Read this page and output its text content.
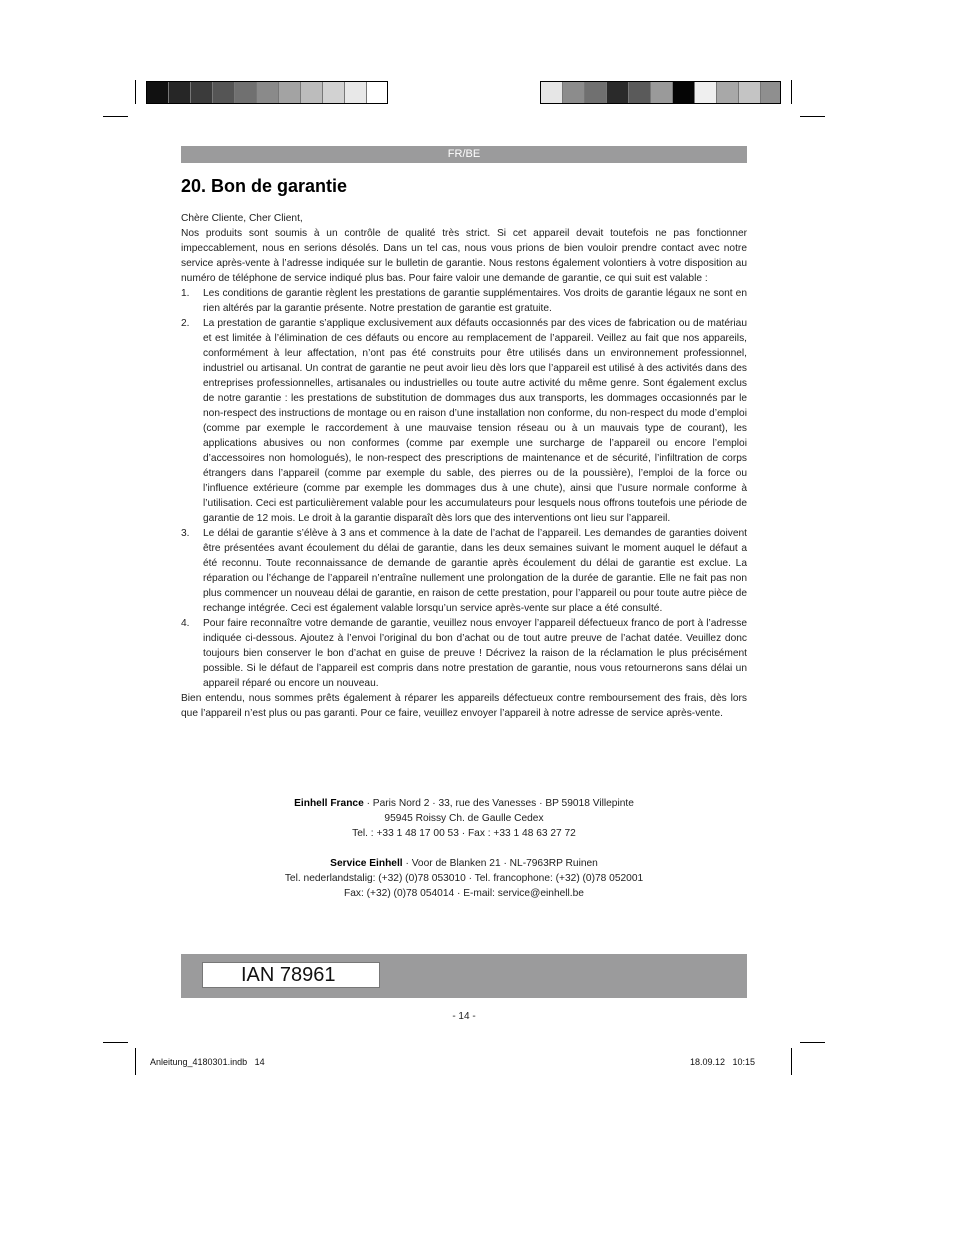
FR/BE
20. Bon de garantie

Chère Cliente, Cher Client,

Nos produits sont soumis à un contrôle de qualité très strict. Si cet appareil devait toutefois ne pas fonctionner impeccablement, nous en serions désolés. Dans un tel cas, nous vous prions de bien vouloir prendre contact avec notre service après-vente à l’adresse indiquée sur le bulletin de garantie. Nous restons également volontiers à votre disposition au numéro de téléphone de service indiqué plus bas. Pour faire valoir une demande de garantie, ce qui suit est valable :

1.	Les conditions de garantie règlent les prestations de garantie supplémentaires. Vos droits de garantie légaux ne sont en rien altérés par la garantie présente. Notre prestation de garantie est gratuite.
2.	La prestation de garantie s’applique exclusivement aux défauts occasionnés par des vices de fabrication ou de matériau et est limitée à l’élimination de ces défauts ou encore au remplacement de l’appareil. Veillez au fait que nos appareils, conformément à leur affectation, n’ont pas été construits pour être utilisés dans un environnement professionnel, industriel ou artisanal. Un contrat de garantie ne peut avoir lieu dès lors que l’appareil est utilisé à des activités dans des entreprises professionnelles, artisanales ou industrielles ou toute autre activité du même genre. Sont également exclus de notre garantie : les prestations de substitution de dommages dus aux transports, les dommages occasionnés par le non-respect des instructions de montage ou en raison d’une installation non conforme, du non-respect du mode d’emploi (comme par exemple le raccordement à une mauvaise tension réseau ou à un mauvais type de courant), les applications abusives ou non conformes (comme par exemple une surcharge de l’appareil ou encore l’emploi d’accessoires non homologués), le non-respect des prescriptions de maintenance et de sécurité, l’infiltration de corps étrangers dans l’appareil (comme par exemple du sable, des pierres ou de la poussière), l’emploi de la force ou l’influence extérieure (comme par exemple les dommages dus à une chute), ainsi que l’usure normale conforme à l’utilisation. Ceci est particulièrement valable pour les accumulateurs pour lesquels nous offrons toutefois une période de garantie de 12 mois. Le droit à la garantie disparaît dès lors que des interventions ont lieu sur l’appareil.
3.	Le délai de garantie s’élève à 3 ans et commence à la date de l’achat de l’appareil. Les demandes de garanties doivent être présentées avant écoulement du délai de garantie, dans les deux semaines suivant le moment auquel le défaut a été reconnu. Toute reconnaissance de demande de garantie après écoulement du délai de garantie est exclue. La réparation ou l’échange de l’appareil n’entraîne nullement une prolongation de la durée de garantie. Elle ne fait pas non plus commencer un nouveau délai de garantie, en raison de cette prestation, pour l’appareil ou pour toute autre pièce de rechange intégrée. Ceci est également valable lorsqu’un service après-vente sur place a été consulté.
4.	Pour faire reconnaître votre demande de garantie, veuillez nous envoyer l’appareil défectueux franco de port à l’adresse indiquée ci-dessous. Ajoutez à l’envoi l’original du bon d’achat ou de tout autre preuve de l’achat datée. Veuillez donc toujours bien conserver le bon d’achat en guise de preuve ! Décrivez la raison de la réclamation le plus précisément possible. Si le défaut de l’appareil est compris dans notre prestation de garantie, nous vous retournerons sans délai un appareil réparé ou encore un nouveau.

Bien entendu, nous sommes prêts également à réparer les appareils défectueux contre remboursement des frais, dès lors que l’appareil n’est plus ou pas garanti. Pour ce faire, veuillez envoyer l’appareil à notre adresse de service après-vente.

Einhell France · Paris Nord 2 · 33, rue des Vanesses · BP 59018 Villepinte
95945 Roissy Ch. de Gaulle Cedex
Tel. : +33 1 48 17 00 53 · Fax : +33 1 48 63 27 72
Service Einhell · Voor de Blanken 21 · NL-7963RP Ruinen
Tel. nederlandstalig: (+32) (0)78 053010 · Tel. francophone: (+32) (0)78 052001
Fax: (+32) (0)78 054014 · E-mail: service@einhell.be
IAN 78961
- 14 -
Anleitung_4180301.indb   14	18.09.12   10:15
